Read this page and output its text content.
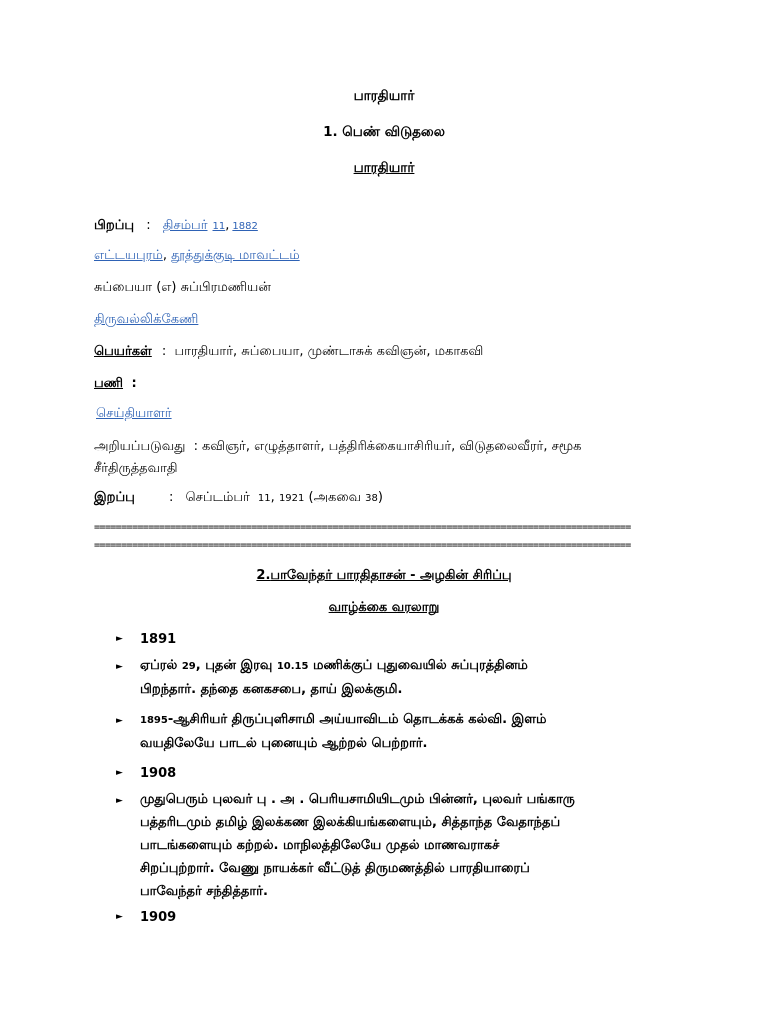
பாரதியார்
1. பெண் விடுதலை
பாரதியார்
பிறப்பு : திசம்பர் 11, 1882
எட்டயபுரம், தூத்துக்குடி மாவட்டம்
சுப்பையா (எ) சுப்பிரமணியன்
திருவல்லிக்கேணி
பெயர்கள் : பாரதியார், சுப்பையா, முண்டாசுக் கவிஞன், மகாகவி
பணி :
செய்தியாளர்
அறியப்படுவது : கவிஞர், எழுத்தாளர், பத்திரிக்கையாசிரியர், விடுதலைவீரர், சமூக
சீர்திருத்தவாதி
இறப்பு	: செப்டம்பர் 11, 1921 (அகவை 38)
===================================================================================================
===================================================================================================
2.பாவேந்தர் பாரதிதாசன் - அழகின் சிரிப்பு
வாழ்க்கை வரலாறு
► 1891
► ஏப்ரல் 29, புதன் இரவு 10.15 மணிக்குப் புதுவையில் சுப்புரத்தினம்
பிறந்தார். தந்தை கனகசபை, தாய் இலக்குமி.
► 1895-ஆசிரியர் திருப்புளிசாமி அய்யாவிடம் தொடக்கக் கல்வி. இளம்
வயதிலேயே பாடல் புனையும் ஆற்றல் பெற்றார்.
► 1908
► முதுபெரும் புலவர் பு . அ . பெரியசாமியிடமும் பின்னர், புலவர் பங்காரு
பத்தரிடமும் தமிழ் இலக்கண இலக்கியங்களையும், சித்தாந்த வேதாந்தப்
பாடங்களையும் கற்றல். மாநிலத்திலேயே முதல் மாணவராகச்
சிறப்புற்றார். வேணு நாயக்கர் வீட்டுத் திருமணத்தில் பாரதியாரைப்
பாவேந்தர் சந்தித்தார்.
► 1909
